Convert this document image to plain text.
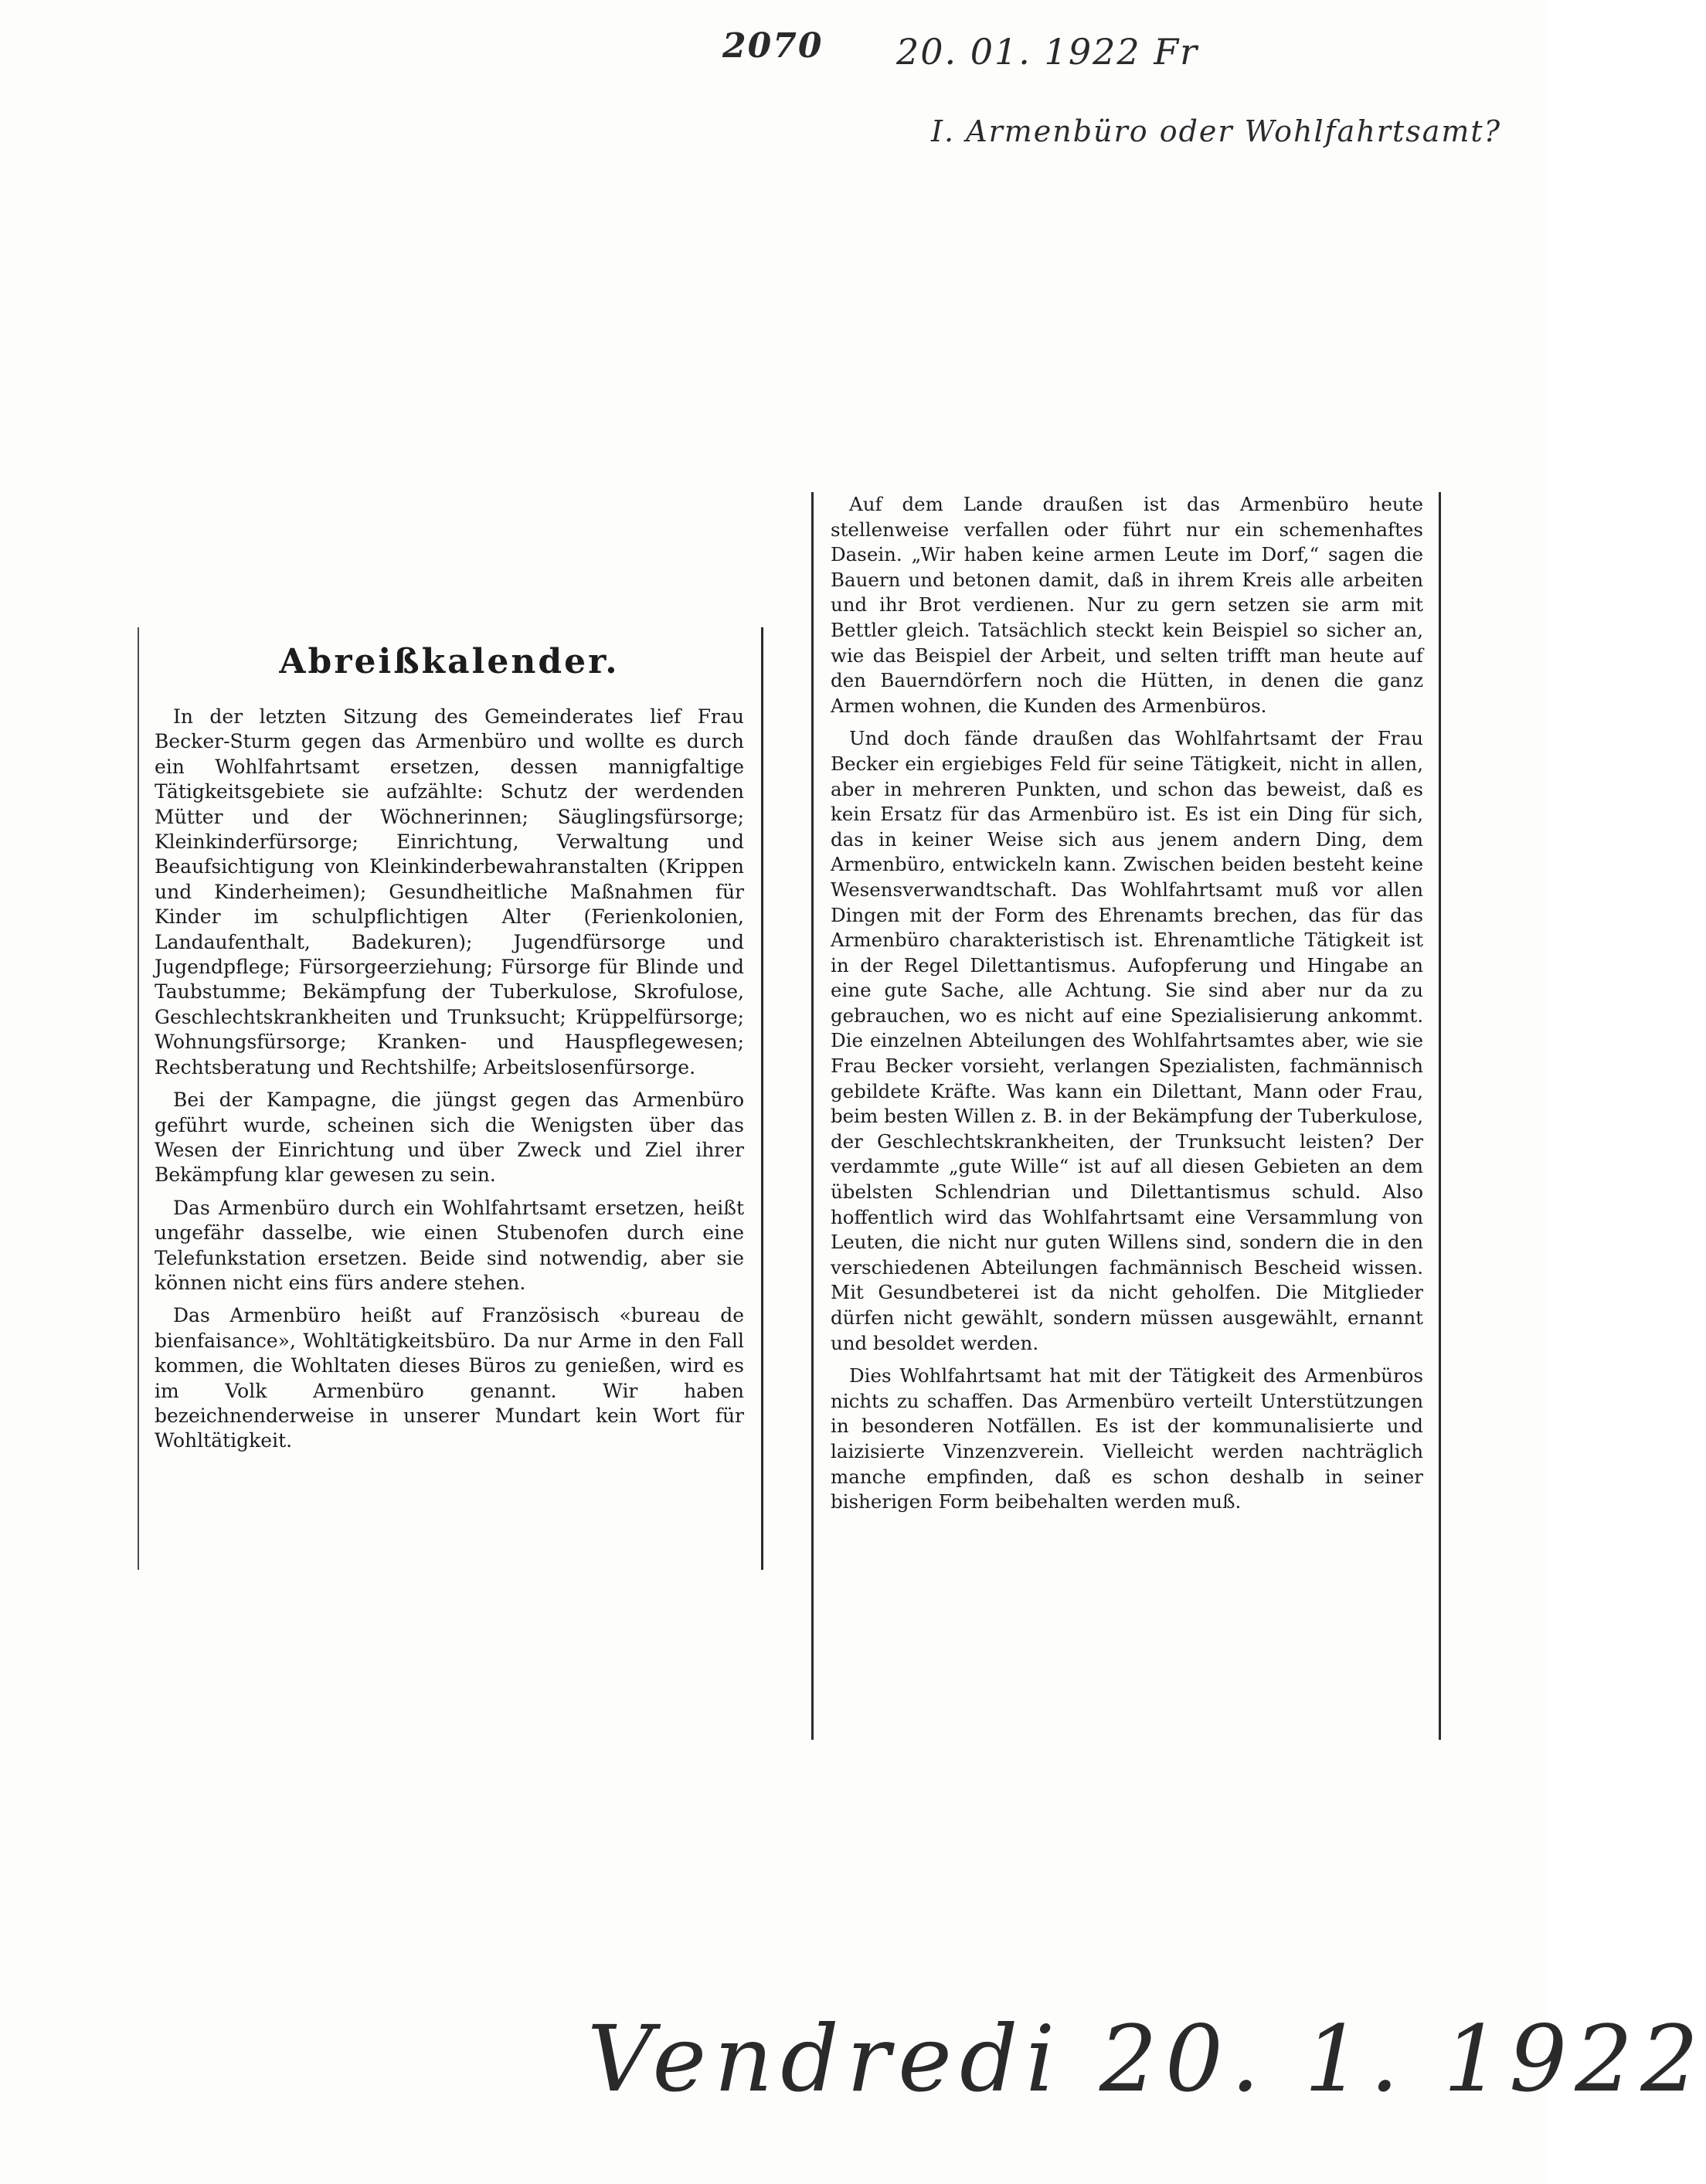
2070 20. 01. 1922 Fr
I. Armenbüro oder Wohlfahrtsamt?
Abreißkalender.

In der letzten Sitzung des Gemeinderates lief Frau Becker-Sturm gegen das Armenbüro und wollte es durch ein Wohlfahrtsamt ersetzen, dessen mannigfaltige Tätigkeitsgebiete sie aufzählte: Schutz der werdenden Mütter und der Wöchnerinnen; Säuglingsfürsorge; Kleinkinderfürsorge; Einrichtung, Verwaltung und Beaufsichtigung von Kleinkinderbewahranstalten (Krippen und Kinderheimen); Gesundheitliche Maßnahmen für Kinder im schulpflichtigen Alter (Ferienkolonien, Landaufenthalt, Badekuren); Jugendfürsorge und Jugendpflege; Fürsorgeerziehung; Fürsorge für Blinde und Taubstumme; Bekämpfung der Tuberkulose, Skrofulose, Geschlechtskrankheiten und Trunksucht; Krüppelfürsorge; Wohnungsfürsorge; Kranken- und Hauspflegewesen; Rechtsberatung und Rechtshilfe; Arbeitslosenfürsorge.

Bei der Kampagne, die jüngst gegen das Armenbüro geführt wurde, scheinen sich die Wenigsten über das Wesen der Einrichtung und über Zweck und Ziel ihrer Bekämpfung klar gewesen zu sein.

Das Armenbüro durch ein Wohlfahrtsamt ersetzen, heißt ungefähr dasselbe, wie einen Stubenofen durch eine Telefunkstation ersetzen. Beide sind notwendig, aber sie können nicht eins fürs andere stehen.

Das Armenbüro heißt auf Französisch «bureau de bienfaisance», Wohltätigkeitsbüro. Da nur Arme in den Fall kommen, die Wohltaten dieses Büros zu genießen, wird es im Volk Armenbüro genannt. Wir haben bezeichnenderweise in unserer Mundart kein Wort für Wohltätigkeit.

Auf dem Lande draußen ist das Armenbüro heute stellenweise verfallen oder führt nur ein schemenhaftes Dasein. „Wir haben keine armen Leute im Dorf,“ sagen die Bauern und betonen damit, daß in ihrem Kreis alle arbeiten und ihr Brot verdienen. Nur zu gern setzen sie arm mit Bettler gleich. Tatsächlich steckt kein Beispiel so sicher an, wie das Beispiel der Arbeit, und selten trifft man heute auf den Bauerndörfern noch die Hütten, in denen die ganz Armen wohnen, die Kunden des Armenbüros.

Und doch fände draußen das Wohlfahrtsamt der Frau Becker ein ergiebiges Feld für seine Tätigkeit, nicht in allen, aber in mehreren Punkten, und schon das beweist, daß es kein Ersatz für das Armenbüro ist. Es ist ein Ding für sich, das in keiner Weise sich aus jenem andern Ding, dem Armenbüro, entwickeln kann. Zwischen beiden besteht keine Wesensverwandtschaft. Das Wohlfahrtsamt muß vor allen Dingen mit der Form des Ehrenamts brechen, das für das Armenbüro charakteristisch ist. Ehrenamtliche Tätigkeit ist in der Regel Dilettantismus. Aufopferung und Hingabe an eine gute Sache, alle Achtung. Sie sind aber nur da zu gebrauchen, wo es nicht auf eine Spezialisierung ankommt. Die einzelnen Abteilungen des Wohlfahrtsamtes aber, wie sie Frau Becker vorsieht, verlangen Spezialisten, fachmännisch gebildete Kräfte. Was kann ein Dilettant, Mann oder Frau, beim besten Willen z. B. in der Bekämpfung der Tuberkulose, der Geschlechtskrankheiten, der Trunksucht leisten? Der verdammte „gute Wille“ ist auf all diesen Gebieten an dem übelsten Schlendrian und Dilettantismus schuld. Also hoffentlich wird das Wohlfahrtsamt eine Versammlung von Leuten, die nicht nur guten Willens sind, sondern die in den verschiedenen Abteilungen fachmännisch Bescheid wissen. Mit Gesundbeterei ist da nicht geholfen. Die Mitglieder dürfen nicht gewählt, sondern müssen ausgewählt, ernannt und besoldet werden.

Dies Wohlfahrtsamt hat mit der Tätigkeit des Armenbüros nichts zu schaffen. Das Armenbüro verteilt Unterstützungen in besonderen Notfällen. Es ist der kommunalisierte und laizisierte Vinzenzverein. Vielleicht werden nachträglich manche empfinden, daß es schon deshalb in seiner bisherigen Form beibehalten werden muß.

Vendredi 20. 1. 1922
